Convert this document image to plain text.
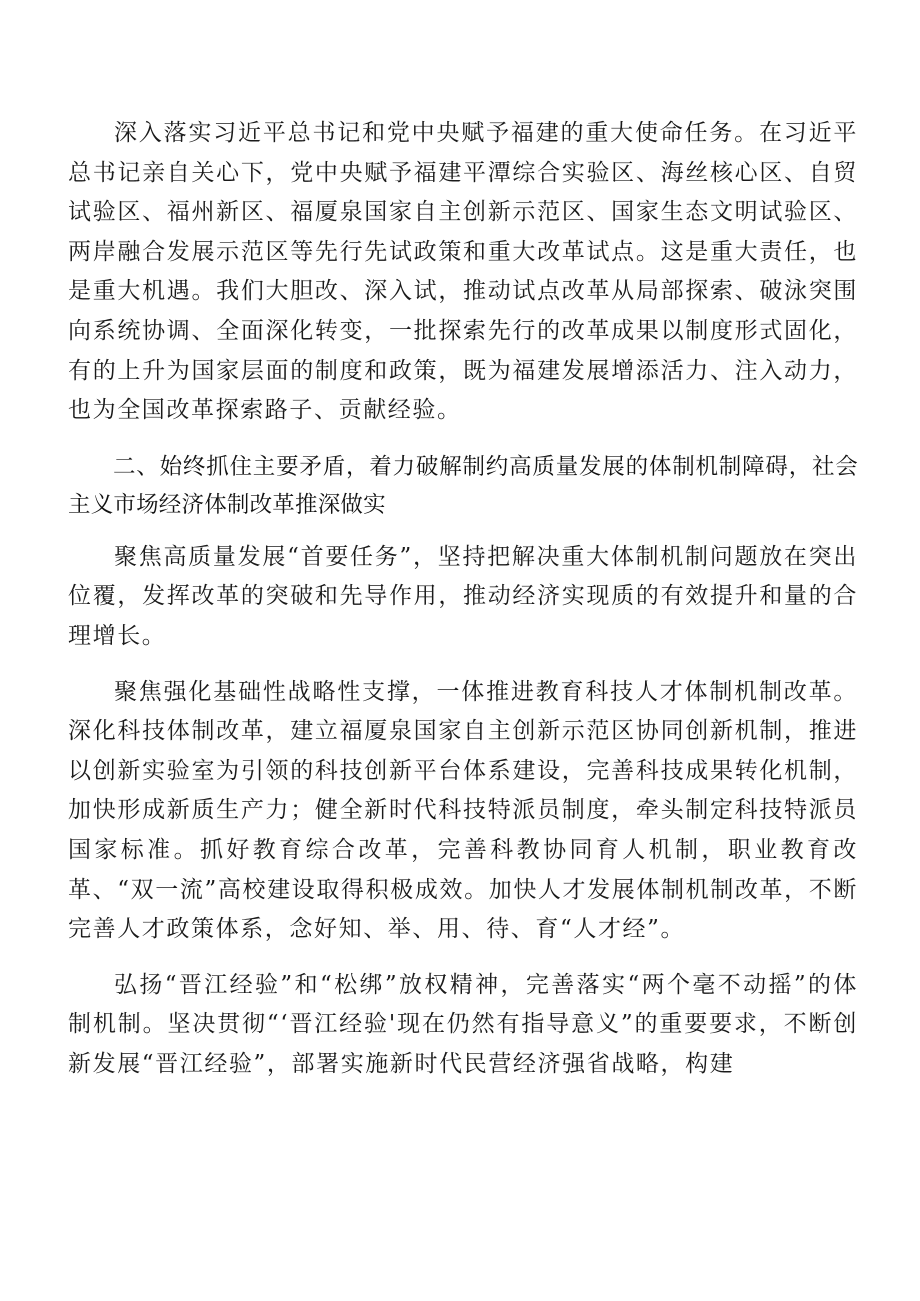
深入落实习近平总书记和党中央赋予福建的重大使命任务。在习近平总书记亲自关心下，党中央赋予福建平潭综合实验区、海丝核心区、自贸试验区、福州新区、福厦泉国家自主创新示范区、国家生态文明试验区、两岸融合发展示范区等先行先试政策和重大改革试点。这是重大责任，也是重大机遇。我们大胆改、深入试，推动试点改革从局部探索、破泳突围向系统协调、全面深化转变，一批探索先行的改革成果以制度形式固化，有的上升为国家层面的制度和政策，既为福建发展增添活力、注入动力，也为全国改革探索路子、贡献经验。

二、始终抓住主要矛盾，着力破解制约高质量发展的体制机制障碍，社会主义市场经济体制改革推深做实

聚焦高质量发展“首要任务”，坚持把解决重大体制机制问题放在突出位覆，发挥改革的突破和先导作用，推动经济实现质的有效提升和量的合理增长。

聚焦强化基础性战略性支撑，一体推进教育科技人才体制机制改革。深化科技体制改革，建立福厦泉国家自主创新示范区协同创新机制，推进以创新实验室为引领的科技创新平台体系建设，完善科技成果转化机制，加快形成新质生产力；健全新时代科技特派员制度，牵头制定科技特派员国家标准。抓好教育综合改革，完善科教协同育人机制，职业教育改革、“双一流”高校建设取得积极成效。加快人才发展体制机制改革，不断完善人才政策体系，念好知、举、用、待、育“人才经”。

弘扬“晋江经验”和“松绑”放权精神，完善落实“两个毫不动摇”的体制机制。坚决贯彻“‘晋江经验'现在仍然有指导意义”的重要要求，不断创新发展“晋江经验”，部署实施新时代民营经济强省战略，构建
